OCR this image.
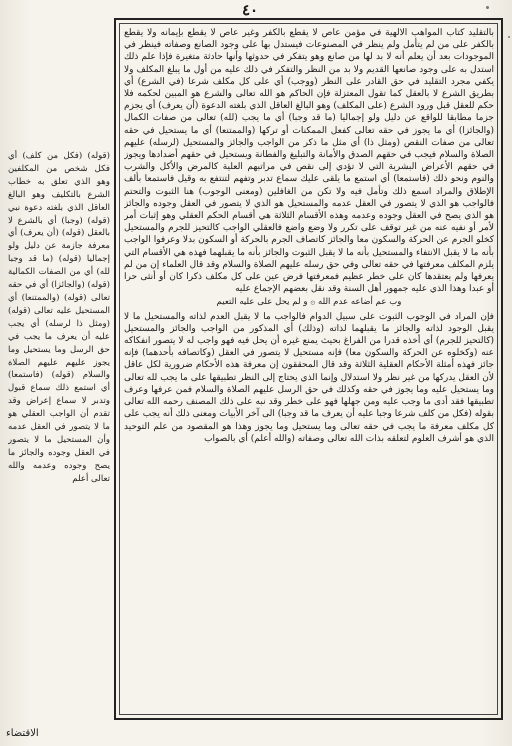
٤٠

بالتقليد كتاب المواهب الالهية في مؤمن عاص لا يقطع بالكفر وغير عاص لا يقطع بإيمانه ولا يقطع بالكفر على من لم يتأمل ولم ينظر في المصنوعات فيستدل بها على وجود الصانع وصفاته فينظر في الموجودات بعد أن يعلم أنه لا بد لها من صانع وهو يتفكر في حدوثها وأنها حادثة متغيرة فإذا علم ذلك استدل به على وجود صانعها القديم ولا بد من النظر والتفكر في ذلك عليه من أول ما يبلغ المكلف ولا يكفي مجرد التقليد في حق القادر على النظر (ووجب) أي على كل مكلف شرعا (في الشرع) أي بطريق الشرع لا بالعقل كما تقول المعتزلة فإن الحاكم هو الله تعالى والشرع هو المبين لحكمه فلا حكم للعقل قبل ورود الشرع (على المكلف) وهو البالغ العاقل الذي بلغته الدعوة (أن يعرف) أي يجزم جزما مطابقا للواقع عن دليل ولو إجماليا (ما قد وجبا) أي ما يجب (لله) تعالى من صفات الكمال (والجائزا) أي ما يجوز في حقه تعالى كفعل الممكنات أو تركها (والممتنعا) أي ما يستحيل في حقه تعالى من صفات النقص (ومثل ذا) أي مثل ما ذكر من الواجب والجائز والمستحيل (لرسله) عليهم الصلاة والسلام فيجب في حقهم الصدق والأمانة والتبليغ والفطانة ويستحيل في حقهم أضدادها ويجوز في حقهم الأعراض البشرية التي لا تؤدي إلى نقص في مراتبهم العلية كالمرض والأكل والشرب والنوم ونحو ذلك (فاستمعا) أي استمع ما يلقى عليك سماع تدبر وتفهم لتنتفع به وقيل فاستمعا بألف الإطلاق والمراد اسمع ذلك وتأمل فيه ولا تكن من الغافلين (ومعنى الوجوب) هنا الثبوت والتحتم فالواجب هو الذي لا يتصور في العقل عدمه والمستحيل هو الذي لا يتصور في العقل وجوده والجائز هو الذي يصح في العقل وجوده وعدمه وهذه الأقسام الثلاثة هي أقسام الحكم العقلي وهو إثبات أمر لأمر أو نفيه عنه من غير توقف على تكرر ولا وضع واضع فالعقلي الواجب كالتحيز للجرم والمستحيل كخلو الجرم عن الحركة والسكون معا والجائز كاتصاف الجرم بالحركة أو السكون بدلا وعرفوا الواجب بأنه ما لا يقبل الانتفاء والمستحيل بأنه ما لا يقبل الثبوت والجائز بأنه ما يقبلهما فهذه هي الأقسام التي يلزم المكلف معرفتها في حقه تعالى وفي حق رسله عليهم الصلاة والسلام وقد قال العلماء إن من لم يعرفها ولم يعتقدها كان على خطر عظيم فمعرفتها فرض عين على كل مكلف ذكرا كان أو أنثى حرا أو عبدا وهذا الذي عليه جمهور أهل السنة وقد نقل بعضهم الإجماع عليه

وب عم أضاعه عدم الله ۞ و لم يحل على عليه التعيم

فإن المراد في الوجوب الثبوت على سبيل الدوام فالواجب ما لا يقبل العدم لذاته والمستحيل ما لا يقبل الوجود لذاته والجائز ما يقبلهما لذاته (وذلك) أي المذكور من الواجب والجائز والمستحيل (كالتحيز للجرم) أي أخذه قدرا من الفراغ بحيث يمنع غيره أن يحل فيه فهو واجب له لا يتصور انفكاكه عنه (وكخلوه عن الحركة والسكون معا) فإنه مستحيل لا يتصور في العقل (وكاتصافه بأحدهما) فإنه جائز فهذه أمثلة الأحكام العقلية الثلاثة وقد قال المحققون إن معرفة هذه الأحكام ضرورية لكل عاقل لأن العقل يدركها من غير نظر ولا استدلال وإنما الذي يحتاج إلى النظر تطبيقها على ما يجب لله تعالى وما يستحيل عليه وما يجوز في حقه وكذلك في حق الرسل عليهم الصلاة والسلام فمن عرفها وعرف تطبيقها فقد أدى ما وجب عليه ومن جهلها فهو على خطر وقد نبه على ذلك المصنف رحمه الله تعالى بقوله (فكل من كلف شرعا وجبا عليه أن يعرف ما قد وجبا) الى آخر الأبيات ومعنى ذلك أنه يجب على كل مكلف معرفة ما يجب في حقه تعالى وما يستحيل وما يجوز وهذا هو المقصود من علم التوحيد الذي هو أشرف العلوم لتعلقه بذات الله تعالى وصفاته (والله أعلم) أي بالصواب

(قوله) (فكل من كلف) أي فكل شخص من المكلفين وهو الذي تعلق به خطاب الشرع بالتكليف وهو البالغ العاقل الذي بلغته دعوة نبي (قوله) (وجبا) أي بالشرع لا بالعقل (قوله) (أن يعرف) أي معرفة جازمة عن دليل ولو إجماليا (قوله) (ما قد وجبا لله) أي من الصفات الكمالية (قوله) (والجائزا) أي في حقه تعالى (قوله) (والممتنعا) أي المستحيل عليه تعالى (قوله) (ومثل ذا لرسله) أي يجب عليه أن يعرف ما يجب في حق الرسل وما يستحيل وما يجوز عليهم عليهم الصلاة والسلام (قوله) (فاستمعا) أي استمع ذلك سماع قبول وتدبر لا سماع إعراض وقد تقدم أن الواجب العقلي هو ما لا يتصور في العقل عدمه وأن المستحيل ما لا يتصور في العقل وجوده والجائز ما يصح وجوده وعدمه والله تعالى أعلم

الاقتضاء
